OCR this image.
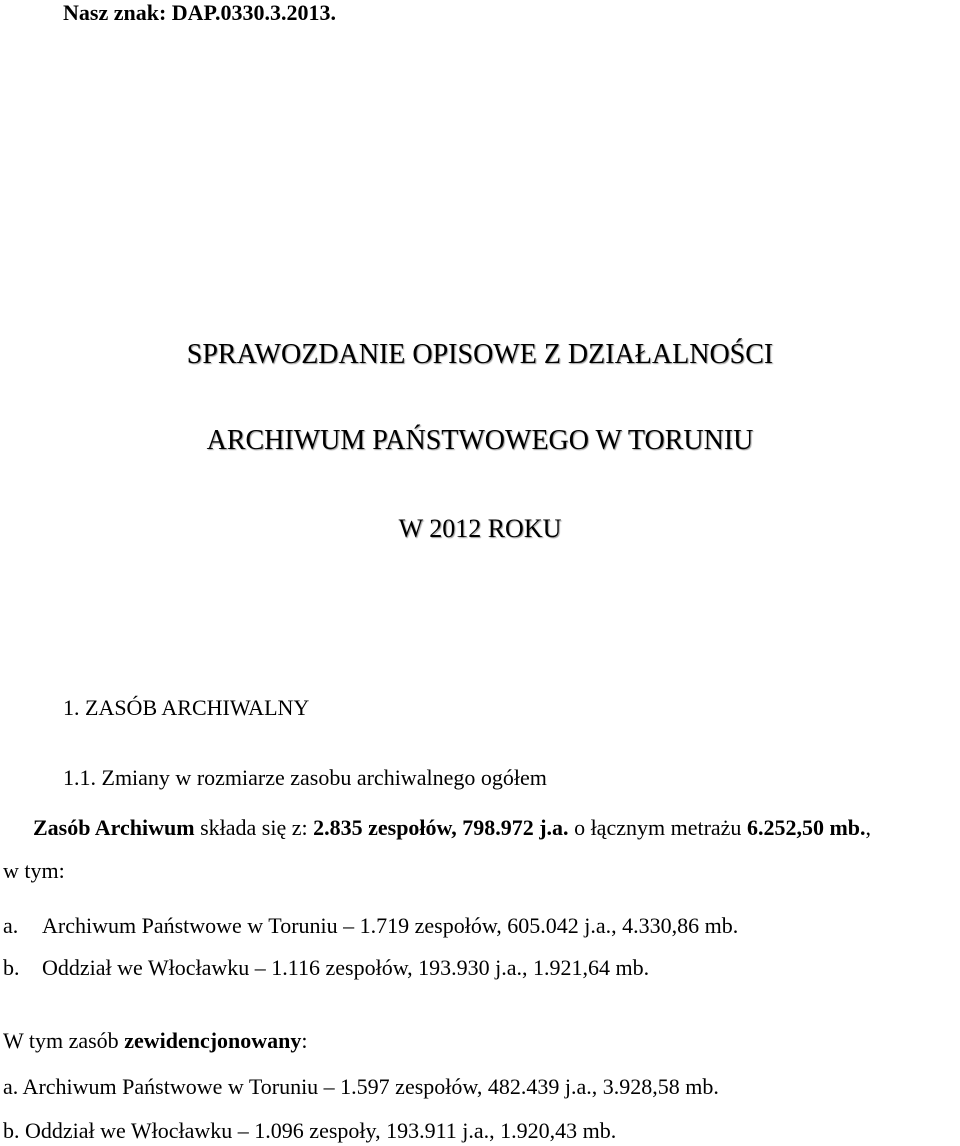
Nasz znak: DAP.0330.3.2013.
SPRAWOZDANIE OPISOWE Z DZIAŁALNOŚCI
ARCHIWUM PAŃSTWOWEGO W TORUNIU
W 2012 ROKU
1. ZASÓB ARCHIWALNY
1.1. Zmiany w rozmiarze zasobu archiwalnego ogółem
Zasób Archiwum składa się z: 2.835 zespołów, 798.972 j.a. o łącznym metrażu 6.252,50 mb.,
w tym:
a. Archiwum Państwowe w Toruniu – 1.719 zespołów, 605.042 j.a., 4.330,86 mb.
b. Oddział we Włocławku – 1.116 zespołów, 193.930 j.a., 1.921,64 mb.
W tym zasób zewidencjonowany:
a. Archiwum Państwowe w Toruniu – 1.597 zespołów, 482.439 j.a., 3.928,58 mb.
b. Oddział we Włocławku – 1.096 zespoły, 193.911 j.a., 1.920,43 mb.
